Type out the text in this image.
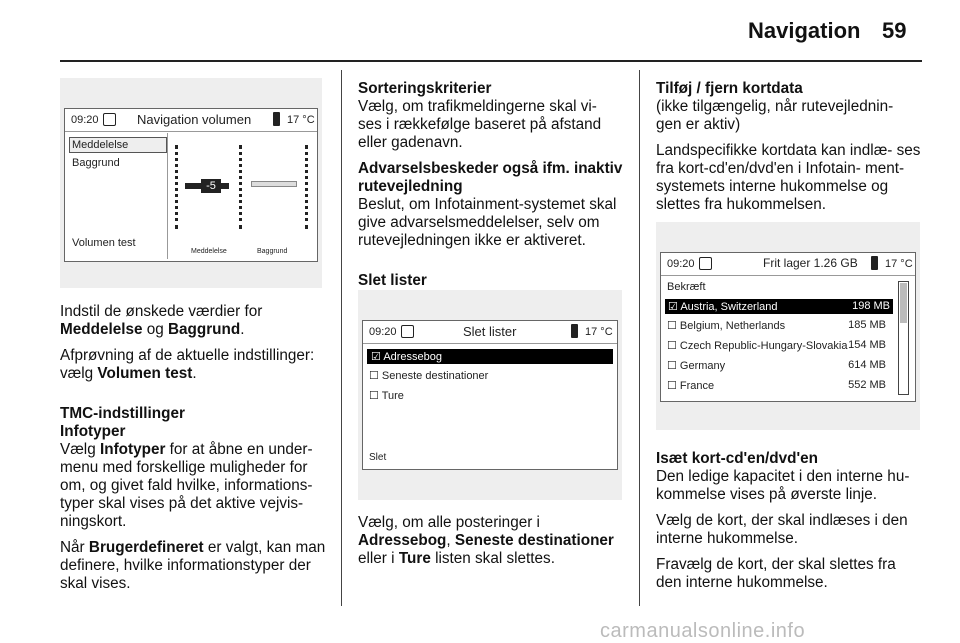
Navigation 59
09:20	Navigation volumen	17 °C
Meddelelse
Baggrund
Volumen test
-5
Meddelelse	Baggrund

Indstil de ønskede værdier for
Meddelelse og Baggrund.

Afprøvning af de aktuelle indstillinger: vælg Volumen test.

TMC-indstillinger
Infotyper

Vælg Infotyper for at åbne en under- menu med forskellige muligheder for om, og givet fald hvilke, informations- typer skal vises på det aktive vejvis- ningskort.

Når Brugerdefineret er valgt, kan man definere, hvilke informationstyper der skal vises.

Sorteringskriterier

Vælg, om trafikmeldingerne skal vi- ses i rækkefølge baseret på afstand eller gadenavn.

Advarselsbeskeder også ifm. inaktiv rutevejledning

Beslut, om Infotainment-systemet skal give advarselsmeddelelser, selv om rutevejledningen ikke er aktiveret.

Slet lister
09:20	Slet lister	17 °C
☑ Adressebog
☐ Seneste destinationer
☐ Ture
Slet

Vælg, om alle posteringer i Adressebog, Seneste destinationer eller i Ture listen skal slettes.

Tilføj / fjern kortdata

(ikke tilgængelig, når rutevejlednin- gen er aktiv)

Landspecifikke kortdata kan indlæ- ses fra kort-cd'en/dvd'en i Infotain- ment-systemets interne hukommelse og slettes fra hukommelsen.

09:20	Frit lager 1.26 GB 17 °C
Bekræft
☑ Austria, Switzerland	198 MB
☐ Belgium, Netherlands	185 MB
☐ Czech Republic-Hungary-Slovakia 154 MB
☐ Germany	614 MB
☐ France	552 MB
Isæt kort-cd'en/dvd'en

Den ledige kapacitet i den interne hu- kommelse vises på øverste linje.

Vælg de kort, der skal indlæses i den interne hukommelse.

Fravælg de kort, der skal slettes fra den interne hukommelse.

carmanualsonline.info
